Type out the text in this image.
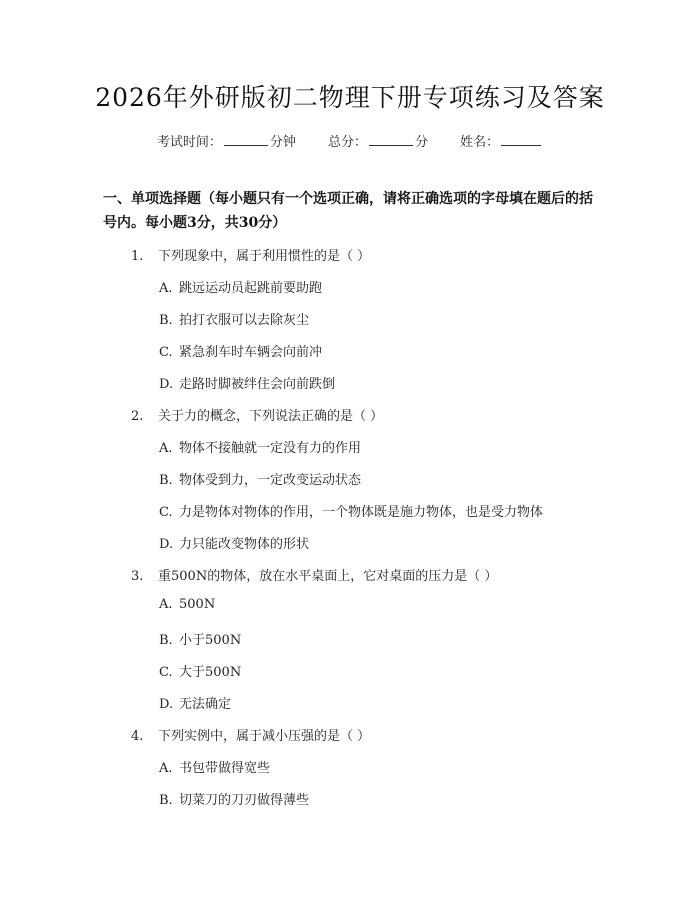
2026年外研版初二物理下册专项练习及答案
考试时间：	分钟 总分：	分 姓名：
一、单项选择题（每小题只有一个选项正确，请将正确选项的字母填在题后的括号内。每小题3分，共30分）
1. 下列现象中，属于利用惯性的是（ ）
A. 跳远运动员起跳前要助跑
B. 拍打衣服可以去除灰尘
C. 紧急刹车时车辆会向前冲
D. 走路时脚被绊住会向前跌倒
2. 关于力的概念，下列说法正确的是（ ）
A. 物体不接触就一定没有力的作用
B. 物体受到力，一定改变运动状态
C. 力是物体对物体的作用，一个物体既是施力物体，也是受力物体
D. 力只能改变物体的形状
3. 重500N的物体，放在水平桌面上，它对桌面的压力是（ ）
A. 500N
B. 小于500N
C. 大于500N
D. 无法确定
4. 下列实例中，属于减小压强的是（ ）
A. 书包带做得宽些
B. 切菜刀的刀刃做得薄些
